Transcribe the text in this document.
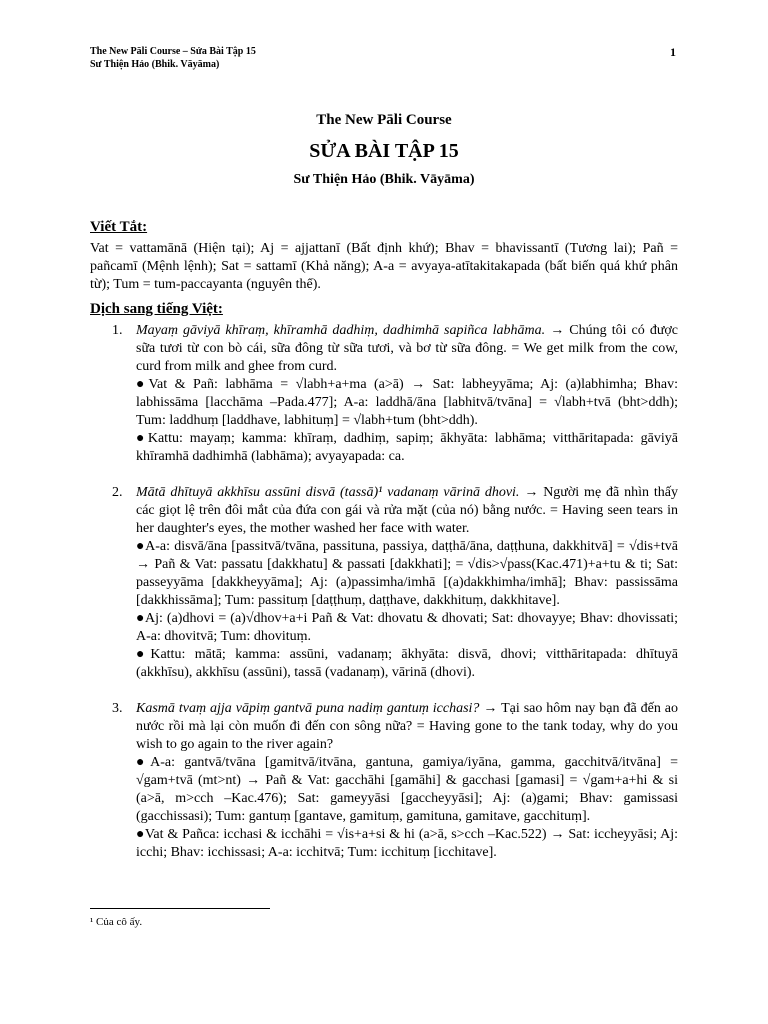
The New Pāli Course – Sửa Bài Tập 15
Sư Thiện Hảo (Bhik. Vāyāma)
1
The New Pāli Course
SỬA BÀI TẬP 15
Sư Thiện Hảo (Bhik. Vāyāma)

Viết Tắt:

Vat = vattamānā (Hiện tại); Aj = ajjattanī (Bất định khứ); Bhav = bhavissantī (Tương lai); Pañ = pañcamī (Mệnh lệnh); Sat = sattamī (Khả năng); A-a = avyaya-atītakitakapada (bất biến quá khứ phân từ); Tum = tum-paccayanta (nguyên thể).

Dịch sang tiếng Việt:

1. Mayaṃ gāviyā khīraṃ, khīramhā dadhiṃ, dadhimhā sapiñca labhāma. → Chúng tôi có được sữa tươi từ con bò cái, sữa đông từ sữa tươi, và bơ từ sữa đông. = We get milk from the cow, curd from milk and ghee from curd.

●Vat & Pañ: labhāma = √labh+a+ma (a>ā) → Sat: labheyyāma; Aj: (a)labhimha; Bhav: labhissāma [lacchāma –Pada.477]; A-a: laddhā/āna [labhitvā/tvāna] = √labh+tvā (bht>ddh); Tum: laddhuṃ [laddhave, labhituṃ] = √labh+tum (bht>ddh).

●Kattu: mayaṃ; kamma: khīraṃ, dadhiṃ, sapiṃ; ākhyāta: labhāma; vitthāritapada: gāviyā khīramhā dadhimhā (labhāma); avyayapada: ca.

2. Mātā dhītuyā akkhīsu assūni disvā (tassā)¹ vadanaṃ vārinā dhovi. → Người mẹ đã nhìn thấy các giọt lệ trên đôi mắt của đứa con gái và rửa mặt (của nó) bằng nước. = Having seen tears in her daughter's eyes, the mother washed her face with water.

●A-a: disvā/āna [passitvā/tvāna, passituna, passiya, daṭṭhā/āna, daṭṭhuna, dakkhitvā] = √dis+tvā → Pañ & Vat: passatu [dakkhatu] & passati [dakkhati]; = √dis>√pass(Kac.471)+a+tu & ti; Sat: passeyyāma [dakkheyyāma]; Aj: (a)passimha/imhā [(a)dakkhimha/imhā]; Bhav: passissāma [dakkhissāma]; Tum: passituṃ [daṭṭhuṃ, daṭṭhave, dakkhituṃ, dakkhitave].

●Aj: (a)dhovi = (a)√dhov+a+i Pañ & Vat: dhovatu & dhovati; Sat: dhovayye; Bhav: dhovissati; A-a: dhovitvā; Tum: dhovituṃ.

●Kattu: mātā; kamma: assūni, vadanaṃ; ākhyāta: disvā, dhovi; vitthāritapada: dhītuyā (akkhīsu), akkhīsu (assūni), tassā (vadanaṃ), vārinā (dhovi).

3. Kasmā tvaṃ ajja vāpiṃ gantvā puna nadiṃ gantuṃ icchasi? → Tại sao hôm nay bạn đã đến ao nước rồi mà lại còn muốn đi đến con sông nữa? = Having gone to the tank today, why do you wish to go again to the river again?

●A-a: gantvā/tvāna [gamitvā/itvāna, gantuna, gamiya/iyāna, gamma, gacchitvā/itvāna] = √gam+tvā (mt>nt) → Pañ & Vat: gacchāhi [gamāhi] & gacchasi [gamasi] = √gam+a+hi & si (a>ā, m>cch –Kac.476); Sat: gameyyāsi [gaccheyyāsi]; Aj: (a)gami; Bhav: gamissasi (gacchissasi); Tum: gantuṃ [gantave, gamituṃ, gamituna, gamitave, gacchituṃ].

●Vat & Pañca: icchasi & icchāhi = √is+a+si & hi (a>ā, s>cch –Kac.522) → Sat: iccheyyāsi; Aj: icchi; Bhav: icchissasi; A-a: icchitvā; Tum: icchituṃ [icchitave].

¹ Của cô ấy.
